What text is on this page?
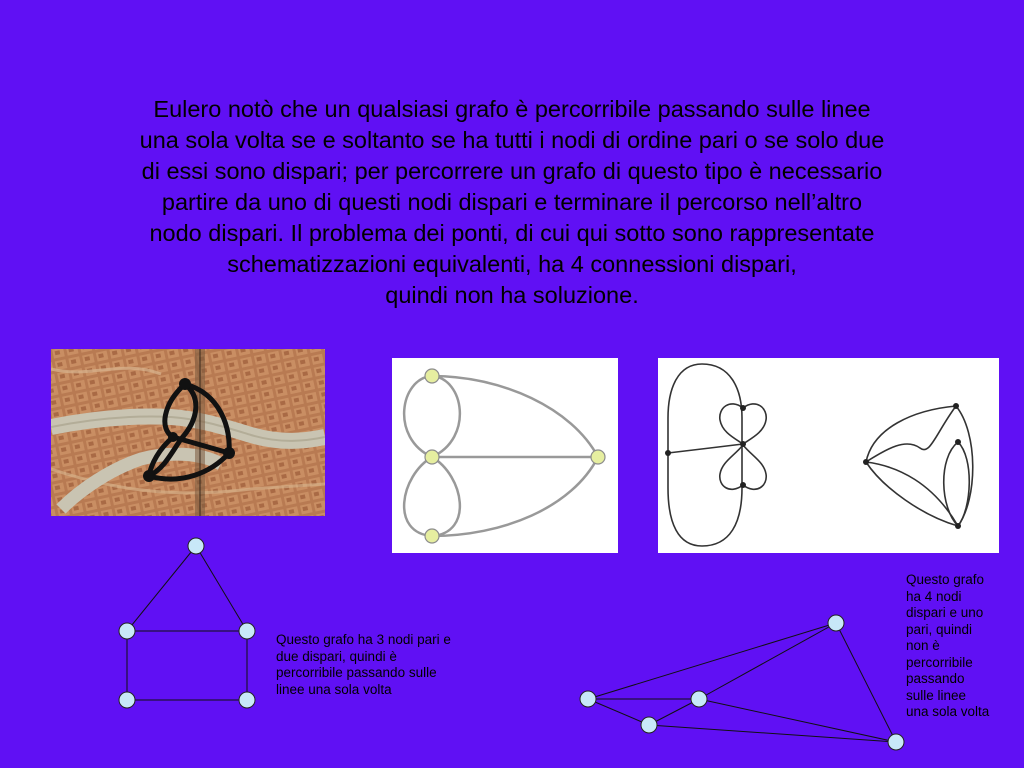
Eulero notò che un qualsiasi grafo è percorribile passando sulle linee
una sola volta se e soltanto se ha tutti i nodi di ordine pari o se solo due
di essi sono dispari; per percorrere un grafo di questo tipo è necessario
partire da uno di questi nodi dispari e terminare il percorso nell’altro
nodo dispari. Il problema dei ponti, di cui qui sotto sono rappresentate
schematizzazioni equivalenti, ha 4 connessioni dispari,
quindi non ha soluzione.
Questo grafo ha 3 nodi pari e
due dispari, quindi è
percorribile passando sulle
linee una sola volta
Questo grafo
ha 4 nodi
dispari e uno
pari, quindi
non è
percorribile
passando
sulle linee
una sola volta
